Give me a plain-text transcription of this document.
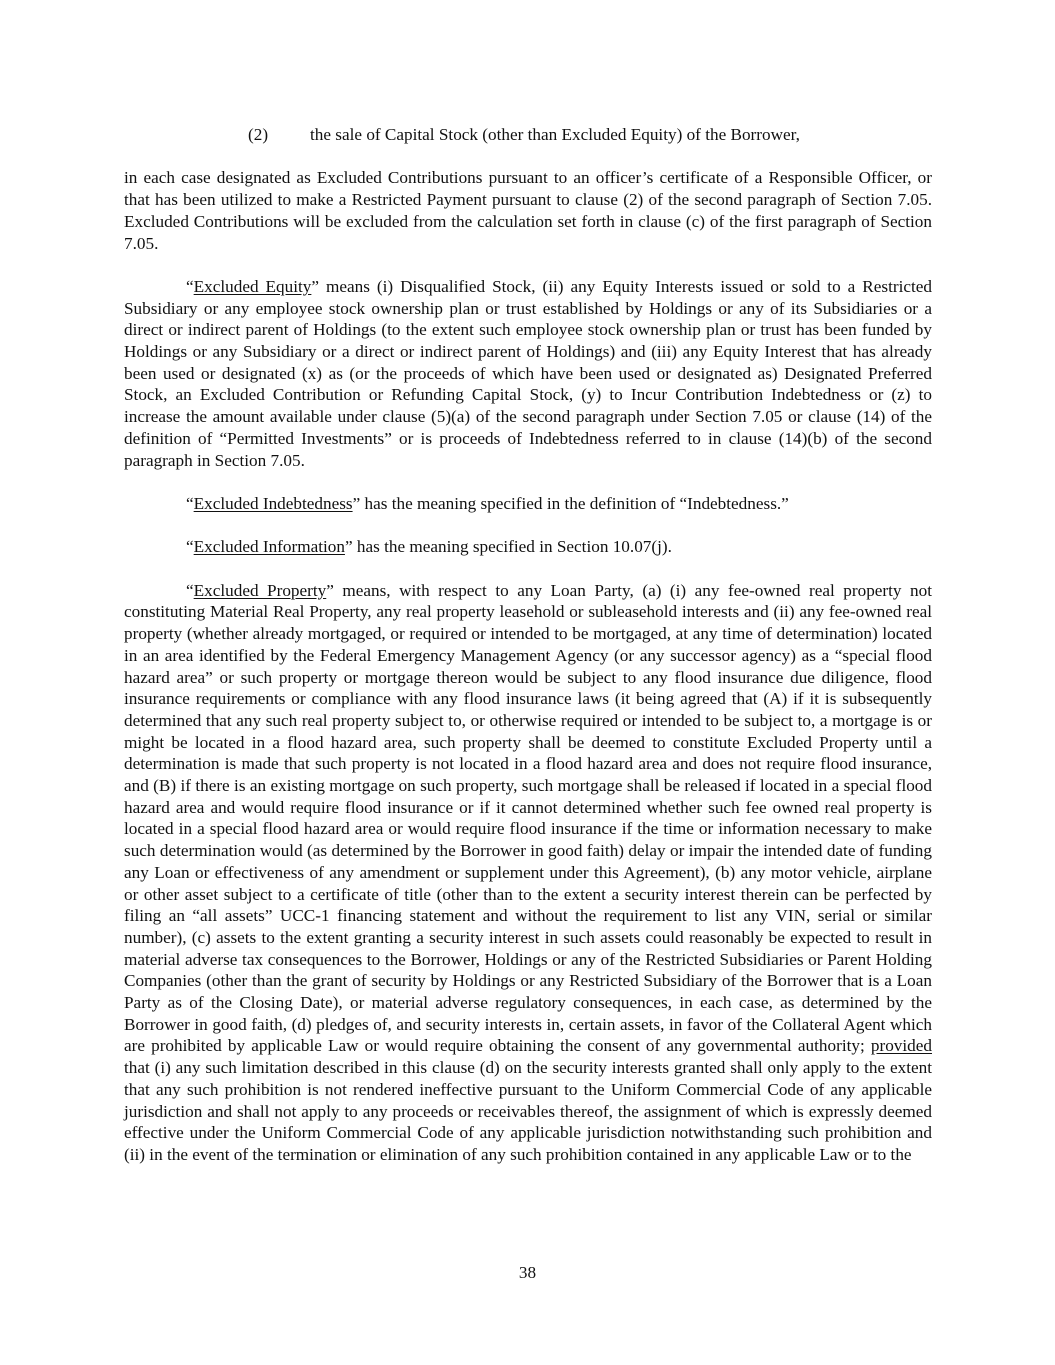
(2) the sale of Capital Stock (other than Excluded Equity) of the Borrower,

in each case designated as Excluded Contributions pursuant to an officer’s certificate of a Responsible Officer, or that has been utilized to make a Restricted Payment pursuant to clause (2) of the second paragraph of Section 7.05. Excluded Contributions will be excluded from the calculation set forth in clause (c) of the first paragraph of Section 7.05.

“Excluded Equity” means (i) Disqualified Stock, (ii) any Equity Interests issued or sold to a Restricted Subsidiary or any employee stock ownership plan or trust established by Holdings or any of its Subsidiaries or a direct or indirect parent of Holdings (to the extent such employee stock ownership plan or trust has been funded by Holdings or any Subsidiary or a direct or indirect parent of Holdings) and (iii) any Equity Interest that has already been used or designated (x) as (or the proceeds of which have been used or designated as) Designated Preferred Stock, an Excluded Contribution or Refunding Capital Stock, (y) to Incur Contribution Indebtedness or (z) to increase the amount available under clause (5)(a) of the second paragraph under Section 7.05 or clause (14) of the definition of “Permitted Investments” or is proceeds of Indebtedness referred to in clause (14)(b) of the second paragraph in Section 7.05.

“Excluded Indebtedness” has the meaning specified in the definition of “Indebtedness.”

“Excluded Information” has the meaning specified in Section 10.07(j).

“Excluded Property” means, with respect to any Loan Party, (a) (i) any fee-owned real property not constituting Material Real Property, any real property leasehold or subleasehold interests and (ii) any fee-owned real property (whether already mortgaged, or required or intended to be mortgaged, at any time of determination) located in an area identified by the Federal Emergency Management Agency (or any successor agency) as a “special flood hazard area” or such property or mortgage thereon would be subject to any flood insurance due diligence, flood insurance requirements or compliance with any flood insurance laws (it being agreed that (A) if it is subsequently determined that any such real property subject to, or otherwise required or intended to be subject to, a mortgage is or might be located in a flood hazard area, such property shall be deemed to constitute Excluded Property until a determination is made that such property is not located in a flood hazard area and does not require flood insurance, and (B) if there is an existing mortgage on such property, such mortgage shall be released if located in a special flood hazard area and would require flood insurance or if it cannot determined whether such fee owned real property is located in a special flood hazard area or would require flood insurance if the time or information necessary to make such determination would (as determined by the Borrower in good faith) delay or impair the intended date of funding any Loan or effectiveness of any amendment or supplement under this Agreement), (b) any motor vehicle, airplane or other asset subject to a certificate of title (other than to the extent a security interest therein can be perfected by filing an “all assets” UCC-1 financing statement and without the requirement to list any VIN, serial or similar number), (c) assets to the extent granting a security interest in such assets could reasonably be expected to result in material adverse tax consequences to the Borrower, Holdings or any of the Restricted Subsidiaries or Parent Holding Companies (other than the grant of security by Holdings or any Restricted Subsidiary of the Borrower that is a Loan Party as of the Closing Date), or material adverse regulatory consequences, in each case, as determined by the Borrower in good faith, (d) pledges of, and security interests in, certain assets, in favor of the Collateral Agent which are prohibited by applicable Law or would require obtaining the consent of any governmental authority; provided that (i) any such limitation described in this clause (d) on the security interests granted shall only apply to the extent that any such prohibition is not rendered ineffective pursuant to the Uniform Commercial Code of any applicable jurisdiction and shall not apply to any proceeds or receivables thereof, the assignment of which is expressly deemed effective under the Uniform Commercial Code of any applicable jurisdiction notwithstanding such prohibition and (ii) in the event of the termination or elimination of any such prohibition contained in any applicable Law or to the

38
